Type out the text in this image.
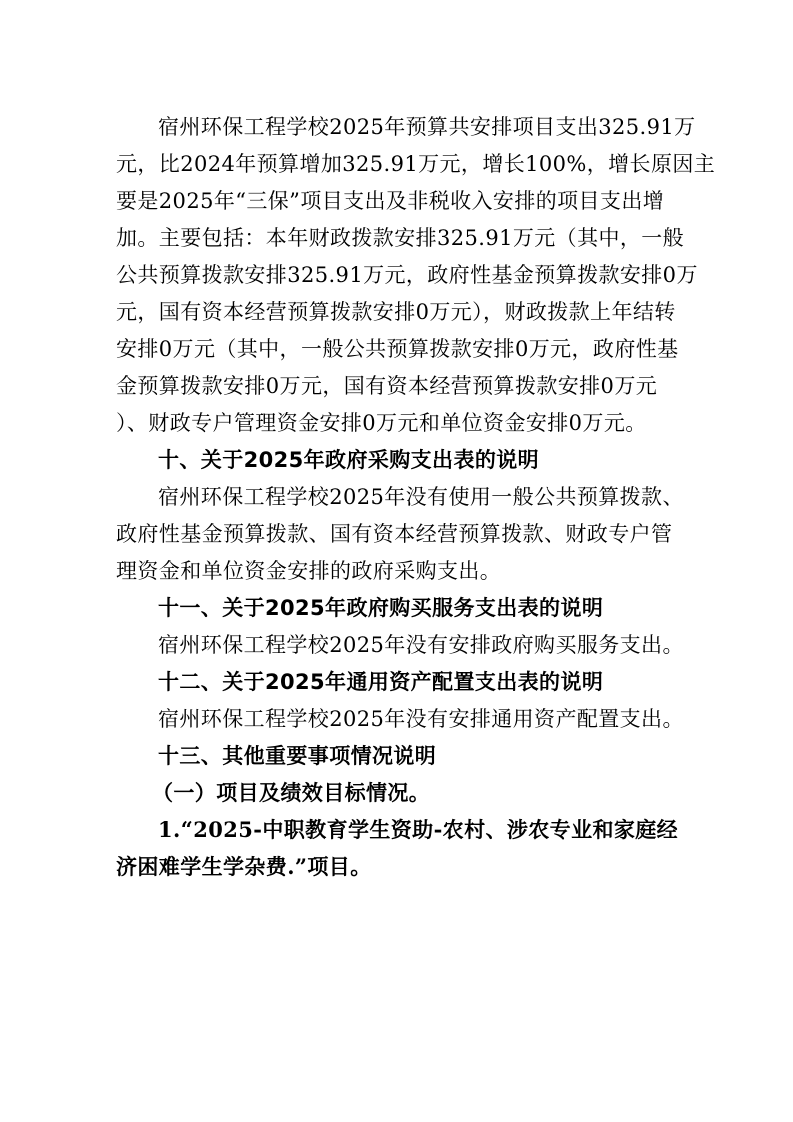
宿州环保工程学校2025年预算共安排项目支出325.91万
元，比2024年预算增加325.91万元，增长100%，增长原因主
要是2025年“三保”项目支出及非税收入安排的项目支出增
加。主要包括：本年财政拨款安排325.91万元（其中，一般
公共预算拨款安排325.91万元，政府性基金预算拨款安排0万
元，国有资本经营预算拨款安排0万元），财政拨款上年结转
安排0万元（其中，一般公共预算拨款安排0万元，政府性基
金预算拨款安排0万元，国有资本经营预算拨款安排0万元
）、财政专户管理资金安排0万元和单位资金安排0万元。
十、关于2025年政府采购支出表的说明
宿州环保工程学校2025年没有使用一般公共预算拨款、
政府性基金预算拨款、国有资本经营预算拨款、财政专户管
理资金和单位资金安排的政府采购支出。
十一、关于2025年政府购买服务支出表的说明
宿州环保工程学校2025年没有安排政府购买服务支出。
十二、关于2025年通用资产配置支出表的说明
宿州环保工程学校2025年没有安排通用资产配置支出。
十三、其他重要事项情况说明
（一）项目及绩效目标情况。
1.“2025-中职教育学生资助-农村、涉农专业和家庭经
济困难学生学杂费.”项目。
